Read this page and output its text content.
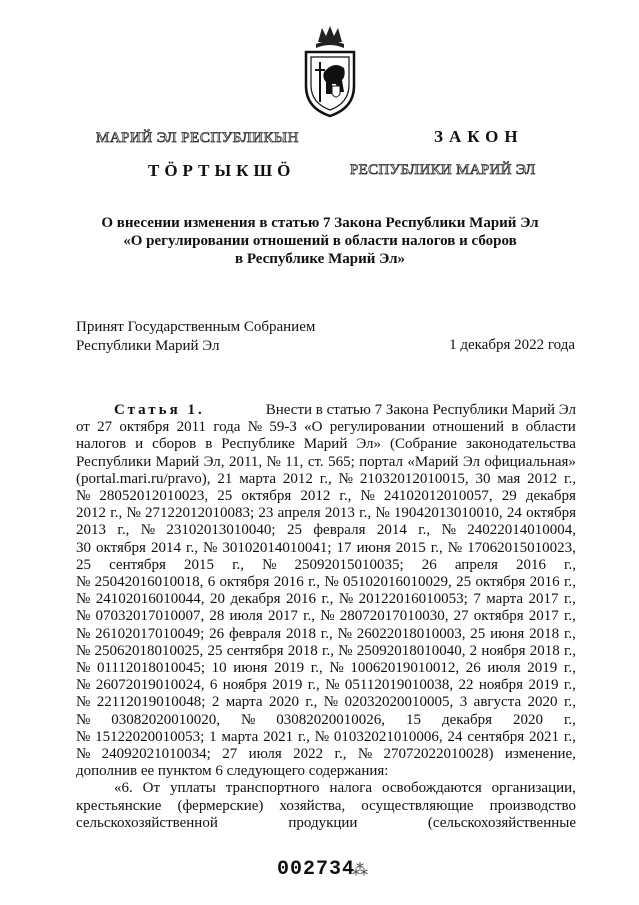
МАРИЙ ЭЛ РЕСПУБЛИКЫН	ЗАКОН
ТӦРТЫКШӦ	РЕСПУБЛИКИ МАРИЙ ЭЛ
О внесении изменения в статью 7 Закона Республики Марий Эл
«О регулировании отношений в области налогов и сборов
в Республике Марий Эл»
Принят Государственным Собранием
Республики Марий Эл	1 декабря 2022 года
Статья 1.	Внести в статью 7 Закона Республики Марий Эл
от 27 октября 2011 года № 59-З «О регулировании отношений в области
налогов и сборов в Республике Марий Эл» (Собрание законодательства
Республики Марий Эл, 2011, № 11, ст. 565; портал «Марий Эл официальная»
(portal.mari.ru/pravo), 21 марта 2012 г., № 21032012010015, 30 мая 2012 г.,
№ 28052012010023, 25 октября 2012 г., № 24102012010057, 29 декабря
2012 г., № 27122012010083; 23 апреля 2013 г., № 19042013010010, 24 октября
2013 г., № 23102013010040; 25 февраля 2014 г., № 24022014010004,
30 октября 2014 г., № 30102014010041; 17 июня 2015 г., № 17062015010023,
25 сентября 2015 г., № 25092015010035; 26 апреля 2016 г.,
№ 25042016010018, 6 октября 2016 г., № 05102016010029, 25 октября 2016 г.,
№ 24102016010044, 20 декабря 2016 г., № 20122016010053; 7 марта 2017 г.,
№ 07032017010007, 28 июля 2017 г., № 28072017010030, 27 октября 2017 г.,
№ 26102017010049; 26 февраля 2018 г., № 26022018010003, 25 июня 2018 г.,
№ 25062018010025, 25 сентября 2018 г., № 25092018010040, 2 ноября 2018 г.,
№ 01112018010045; 10 июня 2019 г., № 10062019010012, 26 июля 2019 г.,
№ 26072019010024, 6 ноября 2019 г., № 05112019010038, 22 ноября 2019 г.,
№ 22112019010048; 2 марта 2020 г., № 02032020010005, 3 августа 2020 г.,
№ 03082020010020, № 03082020010026, 15 декабря 2020 г.,
№ 15122020010053; 1 марта 2021 г., № 01032021010006, 24 сентября 2021 г.,
№ 24092021010034; 27 июля 2022 г., № 27072022010028) изменение,
дополнив ее пунктом 6 следующего содержания:
«6. От уплаты транспортного налога освобождаются организации,
крестьянские (фермерские) хозяйства, осуществляющие производство
сельскохозяйственной	продукции	(сельскохозяйственные
002734
⁂
